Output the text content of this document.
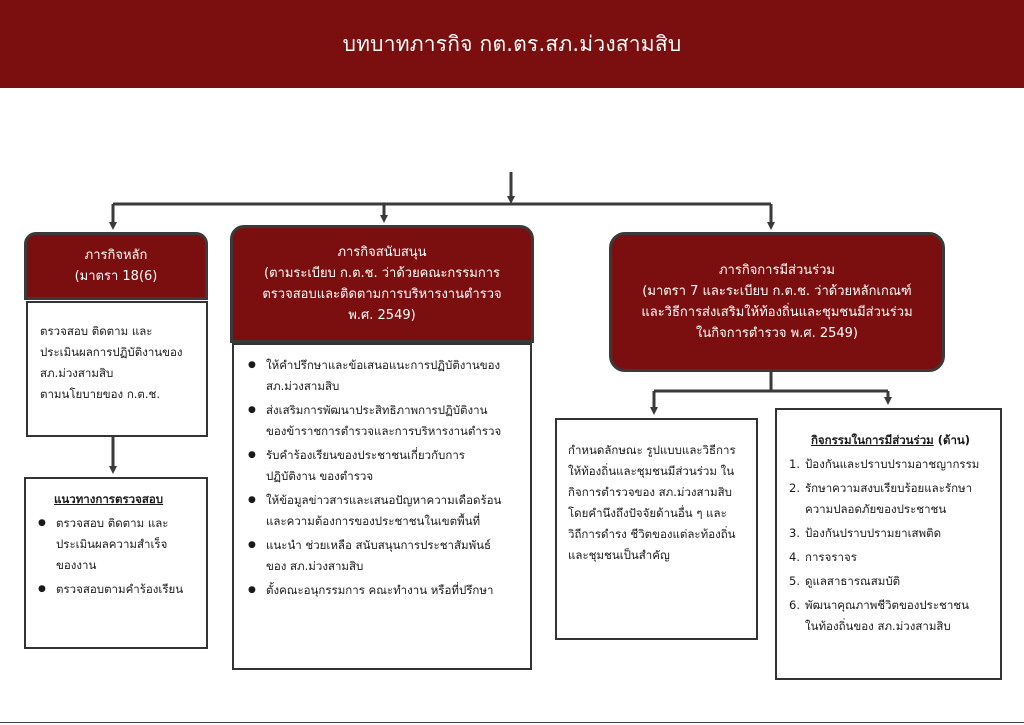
บทบาทภารกิจ กต.ตร.สภ.ม่วงสามสิบ
ภารกิจหลัก
(มาตรา 18(6)

ตรวจสอบ ติดตาม และ

ประเมินผลการปฏิบัติงานของ

สภ.ม่วงสามสิบ

ตามนโยบายของ ก.ต.ช.

แนวทางการตรวจสอบ
● ตรวจสอบ ติดตาม และ
ประเมินผลความสำเร็จ
ของงาน
● ตรวจสอบตามคำร้องเรียน
ภารกิจสนับสนุน
(ตามระเบียบ ก.ต.ช. ว่าด้วยคณะกรรมการ
ตรวจสอบและติดตามการบริหารงานตำรวจ
พ.ศ. 2549)
● ให้คำปรึกษาและข้อเสนอแนะการปฏิบัติงานของ
สภ.ม่วงสามสิบ
● ส่งเสริมการพัฒนาประสิทธิภาพการปฏิบัติงาน
ของข้าราชการตำรวจและการบริหารงานตำรวจ
● รับคำร้องเรียนของประชาชนเกี่ยวกับการ
ปฏิบัติงาน ของตำรวจ
● ให้ข้อมูลข่าวสารและเสนอปัญหาความเดือดร้อน
และความต้องการของประชาชนในเขตพื้นที่
● แนะนำ ช่วยเหลือ สนับสนุนการประชาสัมพันธ์
ของ สภ.ม่วงสามสิบ
● ตั้งคณะอนุกรรมการ คณะทำงาน หรือที่ปรึกษา
ภารกิจการมีส่วนร่วม
(มาตรา 7 และระเบียบ ก.ต.ช. ว่าด้วยหลักเกณฑ์
และวิธีการส่งเสริมให้ท้องถิ่นและชุมชนมีส่วนร่วม
ในกิจการตำรวจ พ.ศ. 2549)

กำหนดลักษณะ รูปแบบและวิธีการ

ให้ท้องถิ่นและชุมชนมีส่วนร่วม ใน

กิจการตำรวจของ สภ.ม่วงสามสิบ

โดยคำนึงถึงปัจจัยด้านอื่น ๆ และ

วิถีการดำรง ชีวิตของแต่ละท้องถิ่น

และชุมชนเป็นสำคัญ

กิจกรรมในการมีส่วนร่วม (ด้าน)
1. ป้องกันและปราบปรามอาชญากรรม
2. รักษาความสงบเรียบร้อยและรักษา
ความปลอดภัยของประชาชน
3. ป้องกันปราบปรามยาเสพติด
4. การจราจร
5. ดูแลสาธารณสมบัติ
6. พัฒนาคุณภาพชีวิตของประชาชน
ในท้องถิ่นของ สภ.ม่วงสามสิบ
